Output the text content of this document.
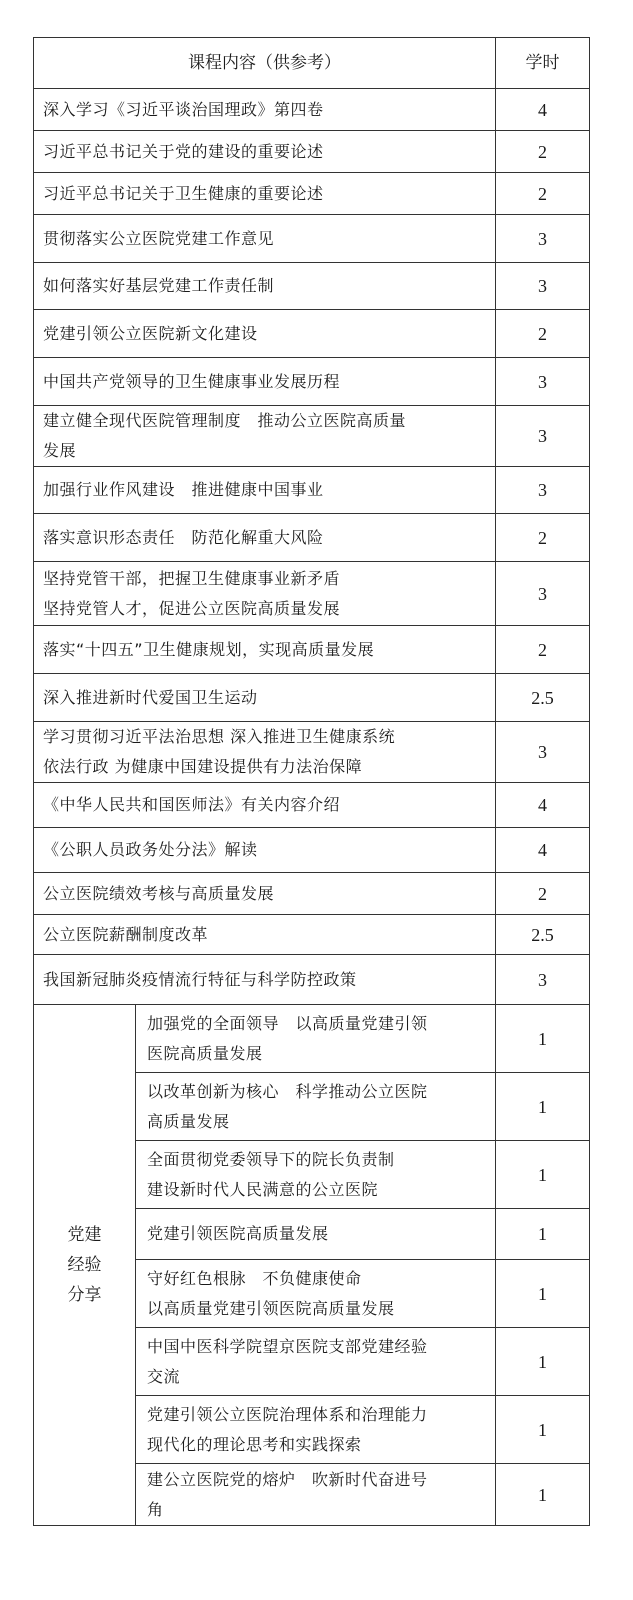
课程内容（供参考）		学时

深入学习《习近平谈治国理政》第四卷		4

习近平总书记关于党的建设的重要论述		2

习近平总书记关于卫生健康的重要论述		2

贯彻落实公立医院党建工作意见		3

如何落实好基层党建工作责任制		3

党建引领公立医院新文化建设		2

中国共产党领导的卫生健康事业发展历程		3

建立健全现代医院管理制度　推动公立医院高质量
发展		3

加强行业作风建设　推进健康中国事业		3

落实意识形态责任　防范化解重大风险		2

坚持党管干部，把握卫生健康事业新矛盾
坚持党管人才，促进公立医院高质量发展		3

落实“十四五”卫生健康规划，实现高质量发展		2

深入推进新时代爱国卫生运动		2.5

学习贯彻习近平法治思想 深入推进卫生健康系统
依法行政 为健康中国建设提供有力法治保障		3

《中华人民共和国医师法》有关内容介绍		4

《公职人员政务处分法》解读		4

公立医院绩效考核与高质量发展		2

公立医院薪酬制度改革		2.5

我国新冠肺炎疫情流行特征与科学防控政策		3

党建
经验
分享	加强党的全面领导　以高质量党建引领
医院高质量发展	1

	以改革创新为核心　科学推动公立医院
高质量发展	1

	全面贯彻党委领导下的院长负责制
建设新时代人民满意的公立医院	1

	党建引领医院高质量发展	1

	守好红色根脉　不负健康使命
以高质量党建引领医院高质量发展	1

	中国中医科学院望京医院支部党建经验
交流	1

	党建引领公立医院治理体系和治理能力
现代化的理论思考和实践探索	1

	建公立医院党的熔炉　吹新时代奋进号
角	1
